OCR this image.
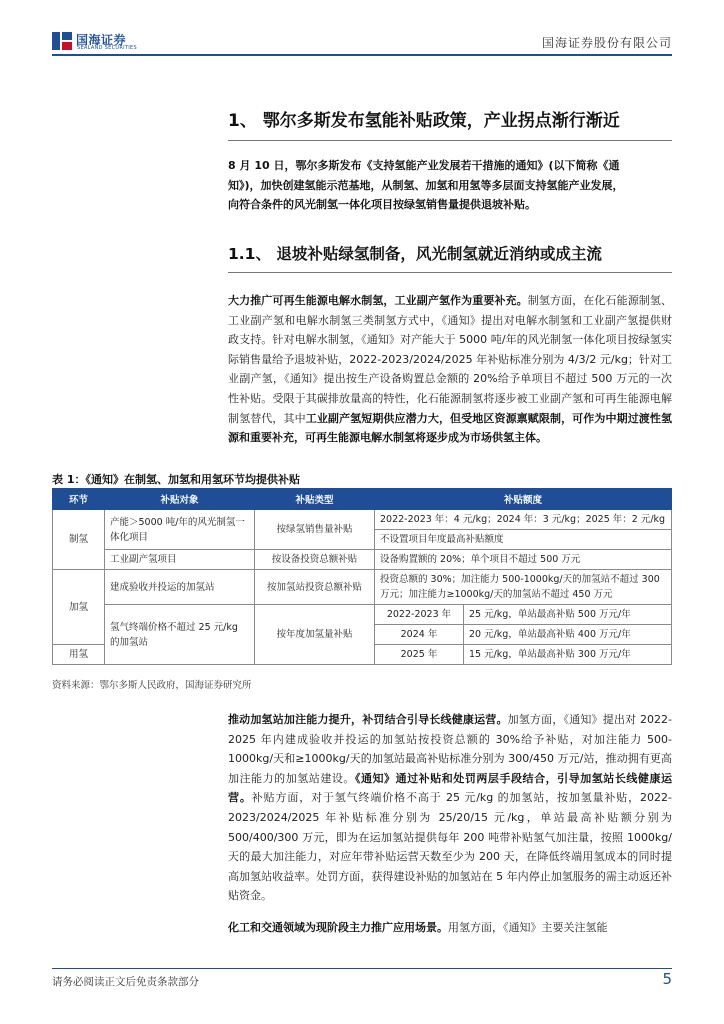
国海证券
SEALAND SECURITIES	国海证券股份有限公司
1、 鄂尔多斯发布氢能补贴政策，产业拐点渐行渐近
8 月 10 日，鄂尔多斯发布《支持氢能产业发展若干措施的通知》(以下简称《通
知》)，加快创建氢能示范基地，从制氢、加氢和用氢等多层面支持氢能产业发展，
向符合条件的风光制氢一体化项目按绿氢销售量提供退坡补贴。
1.1、 退坡补贴绿氢制备，风光制氢就近消纳或成主流
大力推广可再生能源电解水制氢，工业副产氢作为重要补充。制氢方面，在化石能源制氢、工业副产氢和电解水制氢三类制氢方式中，《通知》提出对电解水制氢和工业副产氢提供财政支持。针对电解水制氢，《通知》对产能大于 5000 吨/年的风光制氢一体化项目按绿氢实际销售量给予退坡补贴，2022-2023/2024/2025 年补贴标准分别为 4/3/2 元/kg；针对工业副产氢，《通知》提出按生产设备购置总金额的 20%给予单项目不超过 500 万元的一次性补贴。受限于其碳排放量高的特性，化石能源制氢将逐步被工业副产氢和可再生能源电解制氢替代，其中工业副产氢短期供应潜力大，但受地区资源禀赋限制，可作为中期过渡性氢源和重要补充，可再生能源电解水制氢将逐步成为市场供氢主体。
表 1：《通知》在制氢、加氢和用氢环节均提供补贴
环节	补贴对象	补贴类型	补贴额度	
制氢	产能＞5000 吨/年的风光制氢一体化项目	按绿氢销售量补贴	2022-2023 年：4 元/kg；2024 年：3 元/kg；2025 年：2 元/kg	
			不设置项目年度最高补贴额度	
	工业副产氢项目	按设备投资总额补贴	设备购置额的 20%；单个项目不超过 500 万元	
加氢	建成验收并投运的加氢站	按加氢站投资总额补贴	投资总额的 30%；加注能力 500-1000kg/天的加氢站不超过 300 万元；加注能力≥1000kg/天的加氢站不超过 450 万元	
	氢气终端价格不超过 25 元/kg 的加氢站	按年度加氢量补贴	2022-2023 年	25 元/kg，单站最高补贴 500 万元/年
			2024 年	20 元/kg，单站最高补贴 400 万元/年
用氢			2025 年	15 元/kg，单站最高补贴 300 万元/年
资料来源：鄂尔多斯人民政府，国海证券研究所
推动加氢站加注能力提升，补罚结合引导长线健康运营。加氢方面，《通知》提出对 2022-2025 年内建成验收并投运的加氢站按投资总额的 30%给予补贴，对加注能力 500-1000kg/天和≥1000kg/天的加氢站最高补贴标准分别为 300/450 万元/站，推动拥有更高加注能力的加氢站建设。《通知》通过补贴和处罚两层手段结合，引导加氢站长线健康运营。补贴方面，对于氢气终端价格不高于 25 元/kg 的加氢站，按加氢量补贴，2022-2023/2024/2025 年补贴标准分别为 25/20/15 元/kg，单站最高补贴额分别为 500/400/300 万元，即为在运加氢站提供每年 200 吨带补贴氢气加注量，按照 1000kg/天的最大加注能力，对应年带补贴运营天数至少为 200 天，在降低终端用氢成本的同时提高加氢站收益率。处罚方面，获得建设补贴的加氢站在 5 年内停止加氢服务的需主动返还补贴资金。
化工和交通领域为现阶段主力推广应用场景。用氢方面，《通知》主要关注氢能
请务必阅读正文后免责条款部分	5
